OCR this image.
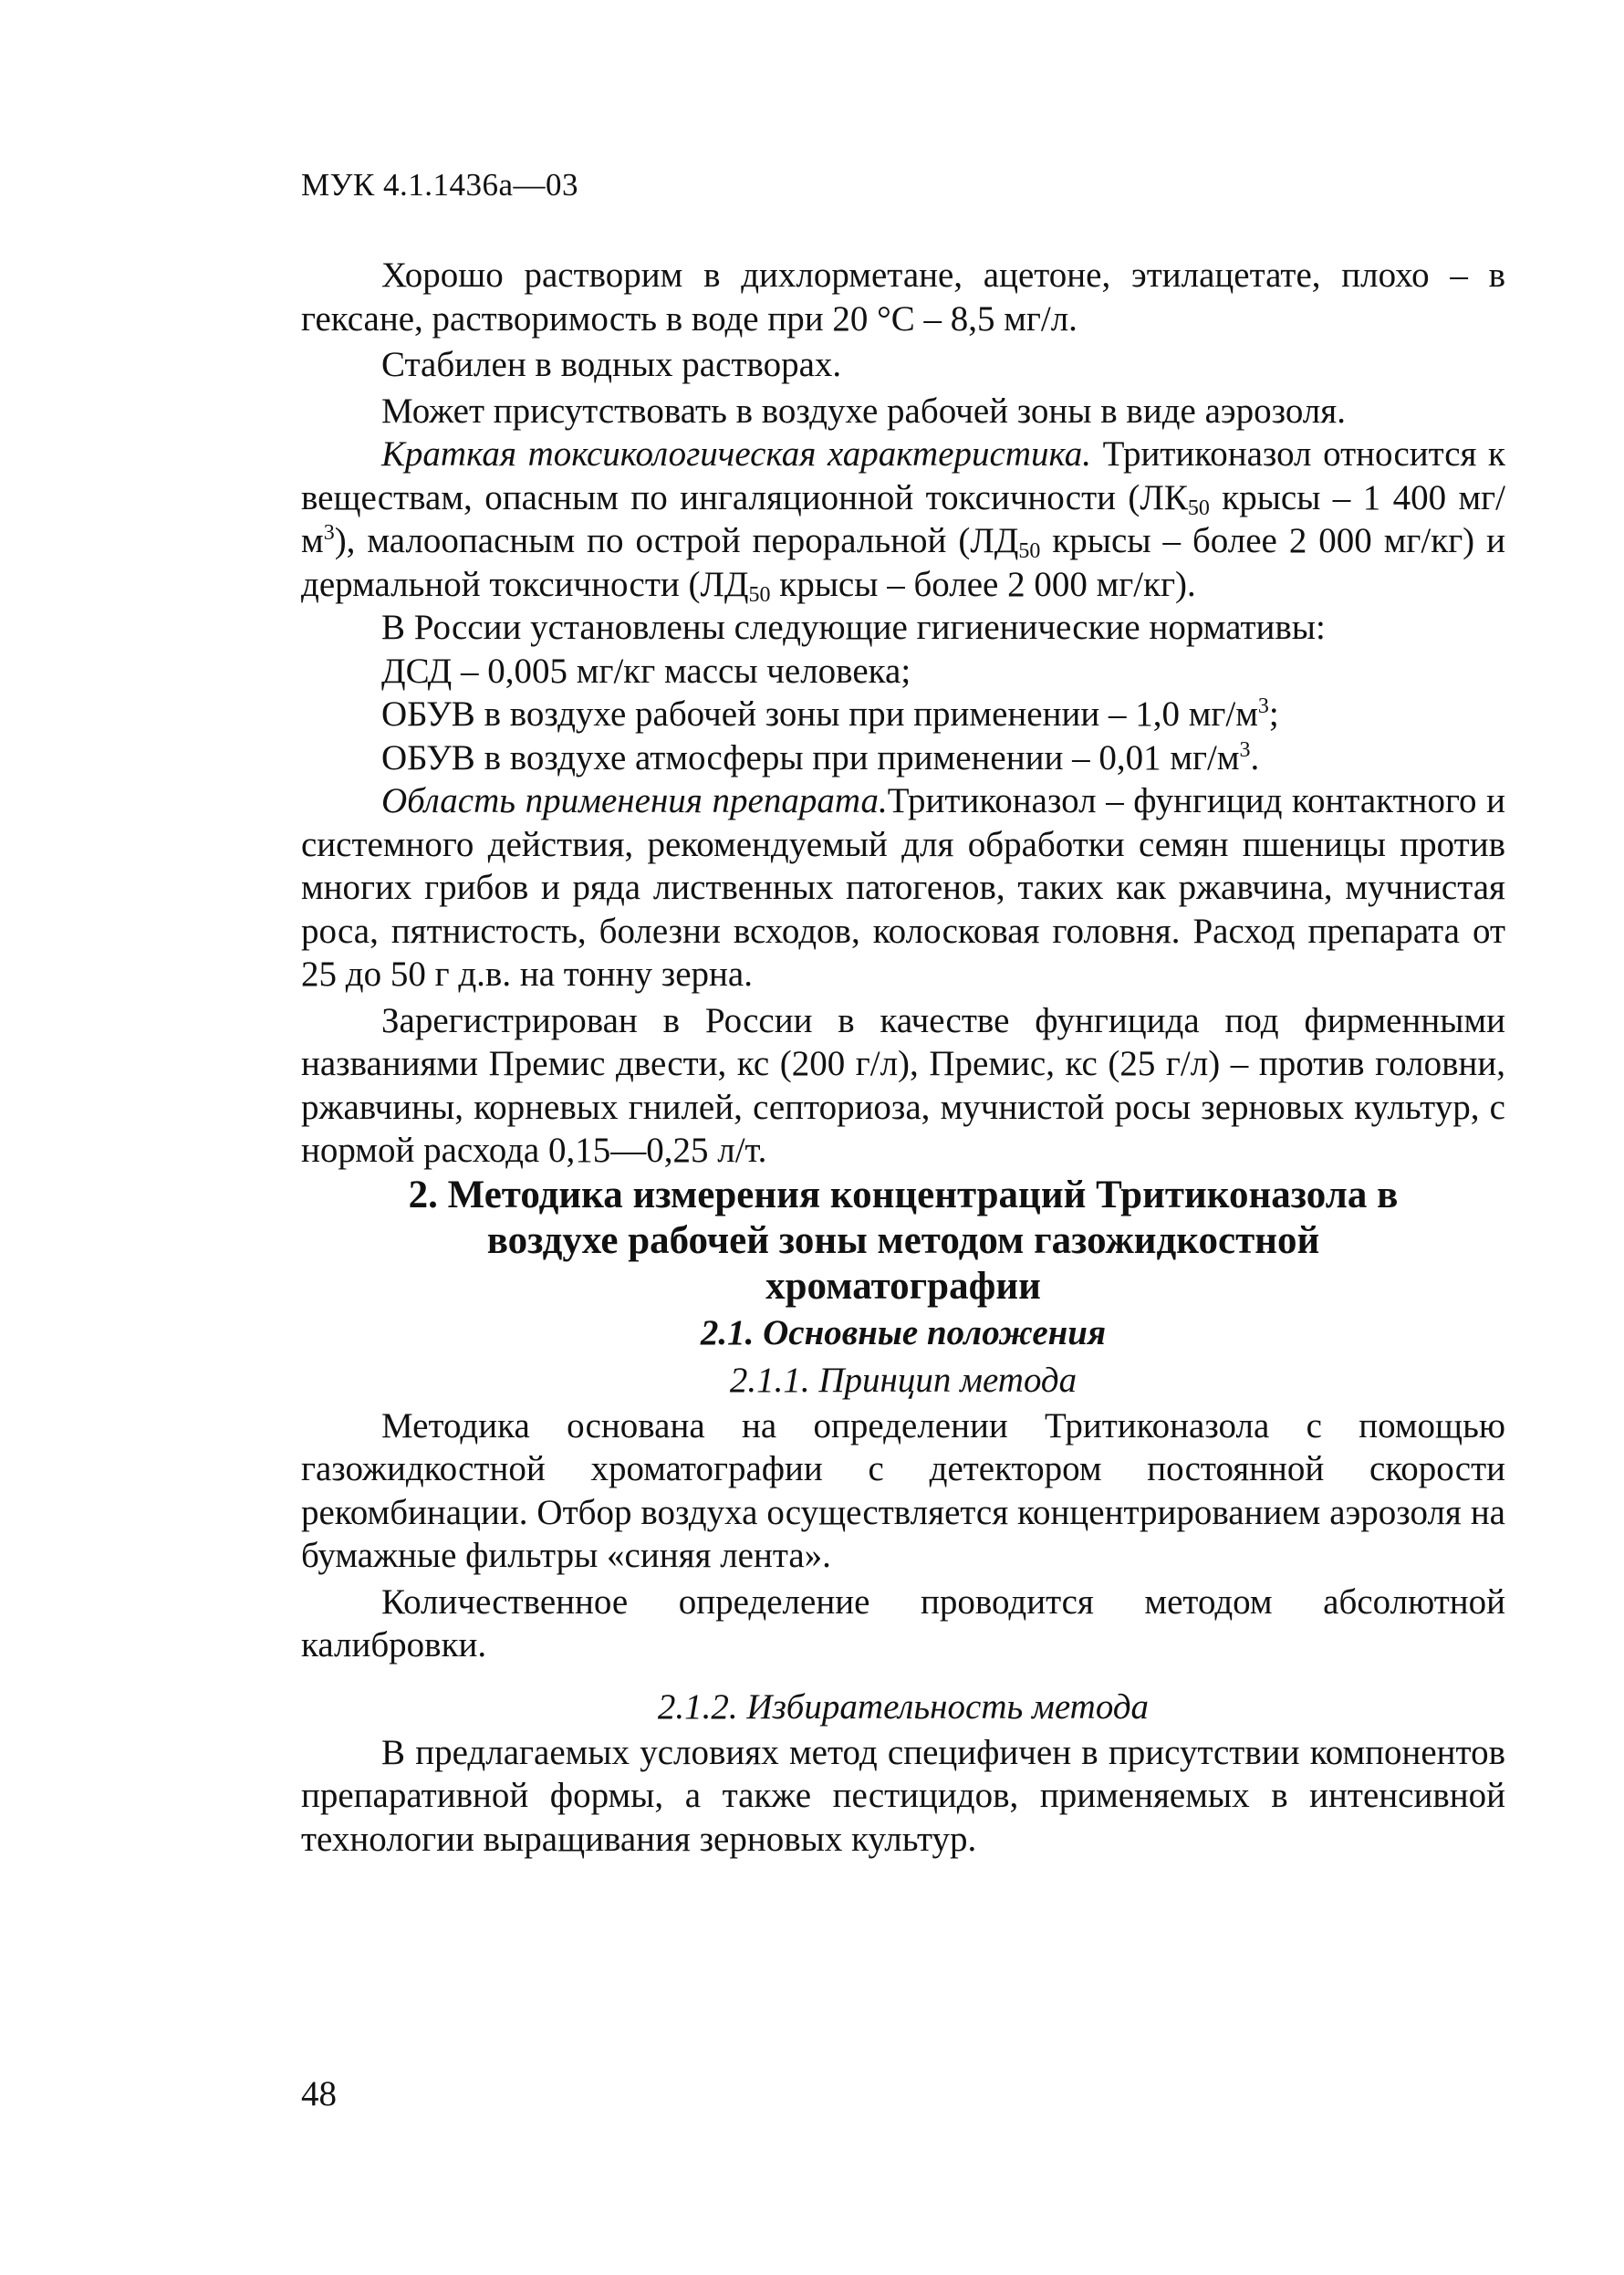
МУК 4.1.1436а—03

Хорошо растворим в дихлорметане, ацетоне, этилацетате, плохо – в гексане, растворимость в воде при 20 °С – 8,5 мг/л.

Стабилен в водных растворах.

Может присутствовать в воздухе рабочей зоны в виде аэрозоля.

Краткая токсикологическая характеристика. Тритиконазол относится к веществам, опасным по ингаляционной токсичности ($ЛК_{50}$ крысы – 1 400 $мг/м^3$), малоопасным по острой пероральной ($ЛД_{50}$ крысы – более 2 000 мг/кг) и дермальной токсичности ($ЛД_{50}$ крысы – более 2 000 мг/кг).

В России установлены следующие гигиенические нормативы:

ДСД – 0,005 мг/кг массы человека;

ОБУВ в воздухе рабочей зоны при применении – 1,0 $мг/м^3$;

ОБУВ в воздухе атмосферы при применении – 0,01 $мг/м^3$.

Область применения препарата.Тритиконазол – фунгицид контактного и системного действия, рекомендуемый для обработки семян пшеницы против многих грибов и ряда лиственных патогенов, таких как ржавчина, мучнистая роса, пятнистость, болезни всходов, колосковая головня. Расход препарата от 25 до 50 г д.в. на тонну зерна.

Зарегистрирован в России в качестве фунгицида под фирменными названиями Премис двести, кс (200 г/л), Премис, кс (25 г/л) – против головни, ржавчины, корневых гнилей, септориоза, мучнистой росы зерновых культур, с нормой расхода 0,15—0,25 л/т.

2. Методика измерения концентраций Тритиконазола в воздухе рабочей зоны методом газожидкостной хроматографии

2.1. Основные положения

2.1.1. Принцип метода

Методика основана на определении Тритиконазола с помощью газожидкостной хроматографии с детектором постоянной скорости рекомбинации. Отбор воздуха осуществляется концентрированием аэрозоля на бумажные фильтры «синяя лента».

Количественное определение проводится методом абсолютной калибровки.

2.1.2. Избирательность метода

В предлагаемых условиях метод специфичен в присутствии компонентов препаративной формы, а также пестицидов, применяемых в интенсивной технологии выращивания зерновых культур.

48
